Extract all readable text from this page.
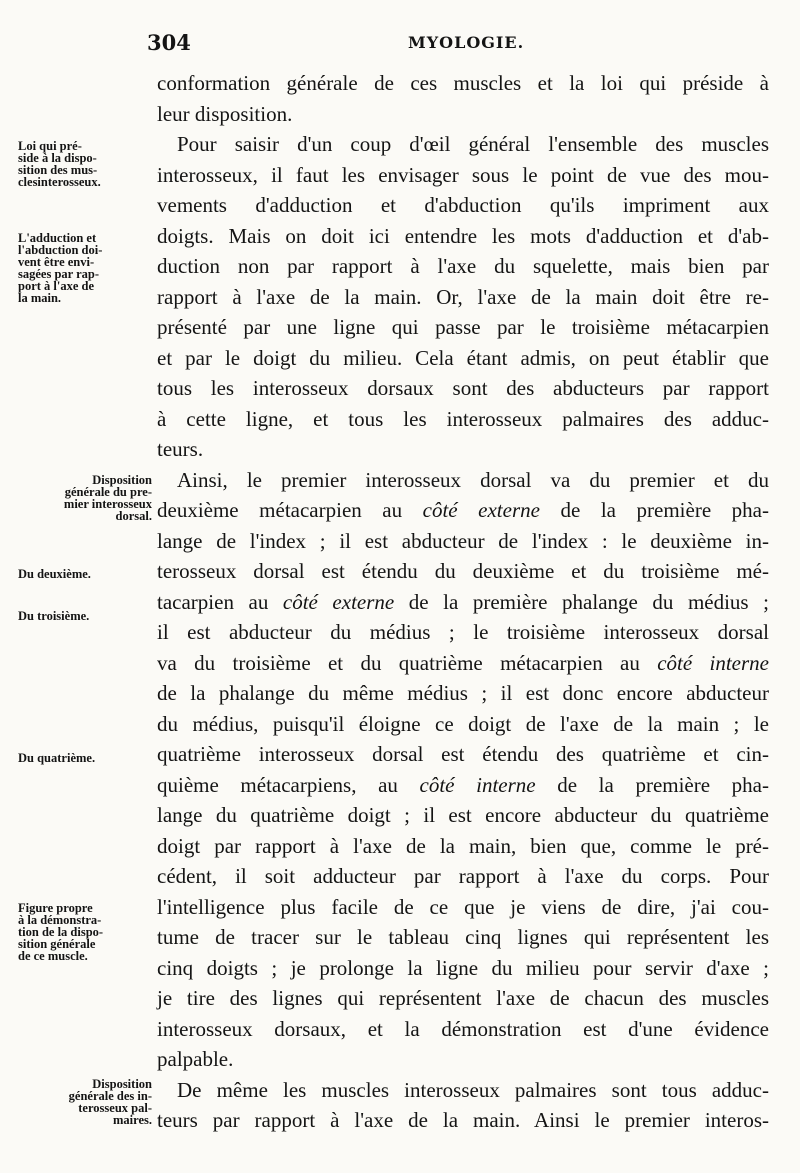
304	MYOLOGIE.
Loi qui pré-
side à la dispo-
sition des mus-
clesinterosseux.
L'adduction et
l'abduction doi-
vent être envi-
sagées par rap-
port à l'axe de
la main.
Disposition
générale du pre-
mier interosseux
dorsal.
Du deuxième.
Du troisième.
Du quatrième.
Figure propre
à la démonstra-
tion de la dispo-
sition générale
de ce muscle.
Disposition
générale des in-
terosseux pal-
maires.
conformation générale de ces muscles et la loi qui préside à
leur disposition.
Pour saisir d'un coup d'œil général l'ensemble des muscles
interosseux, il faut les envisager sous le point de vue des mou-
vements d'adduction et d'abduction qu'ils impriment aux
doigts. Mais on doit ici entendre les mots d'adduction et d'ab-
duction non par rapport à l'axe du squelette, mais bien par
rapport à l'axe de la main. Or, l'axe de la main doit être re-
présenté par une ligne qui passe par le troisième métacarpien
et par le doigt du milieu. Cela étant admis, on peut établir que
tous les interosseux dorsaux sont des abducteurs par rapport
à cette ligne, et tous les interosseux palmaires des adduc-
teurs.
Ainsi, le premier interosseux dorsal va du premier et du
deuxième métacarpien au côté externe de la première pha-
lange de l'index ; il est abducteur de l'index : le deuxième in-
terosseux dorsal est étendu du deuxième et du troisième mé-
tacarpien au côté externe de la première phalange du médius ;
il est abducteur du médius ; le troisième interosseux dorsal
va du troisième et du quatrième métacarpien au côté interne
de la phalange du même médius ; il est donc encore abducteur
du médius, puisqu'il éloigne ce doigt de l'axe de la main ; le
quatrième interosseux dorsal est étendu des quatrième et cin-
quième métacarpiens, au côté interne de la première pha-
lange du quatrième doigt ; il est encore abducteur du quatrième
doigt par rapport à l'axe de la main, bien que, comme le pré-
cédent, il soit adducteur par rapport à l'axe du corps. Pour
l'intelligence plus facile de ce que je viens de dire, j'ai cou-
tume de tracer sur le tableau cinq lignes qui représentent les
cinq doigts ; je prolonge la ligne du milieu pour servir d'axe ;
je tire des lignes qui représentent l'axe de chacun des muscles
interosseux dorsaux, et la démonstration est d'une évidence
palpable.
De même les muscles interosseux palmaires sont tous adduc-
teurs par rapport à l'axe de la main. Ainsi le premier interos-
